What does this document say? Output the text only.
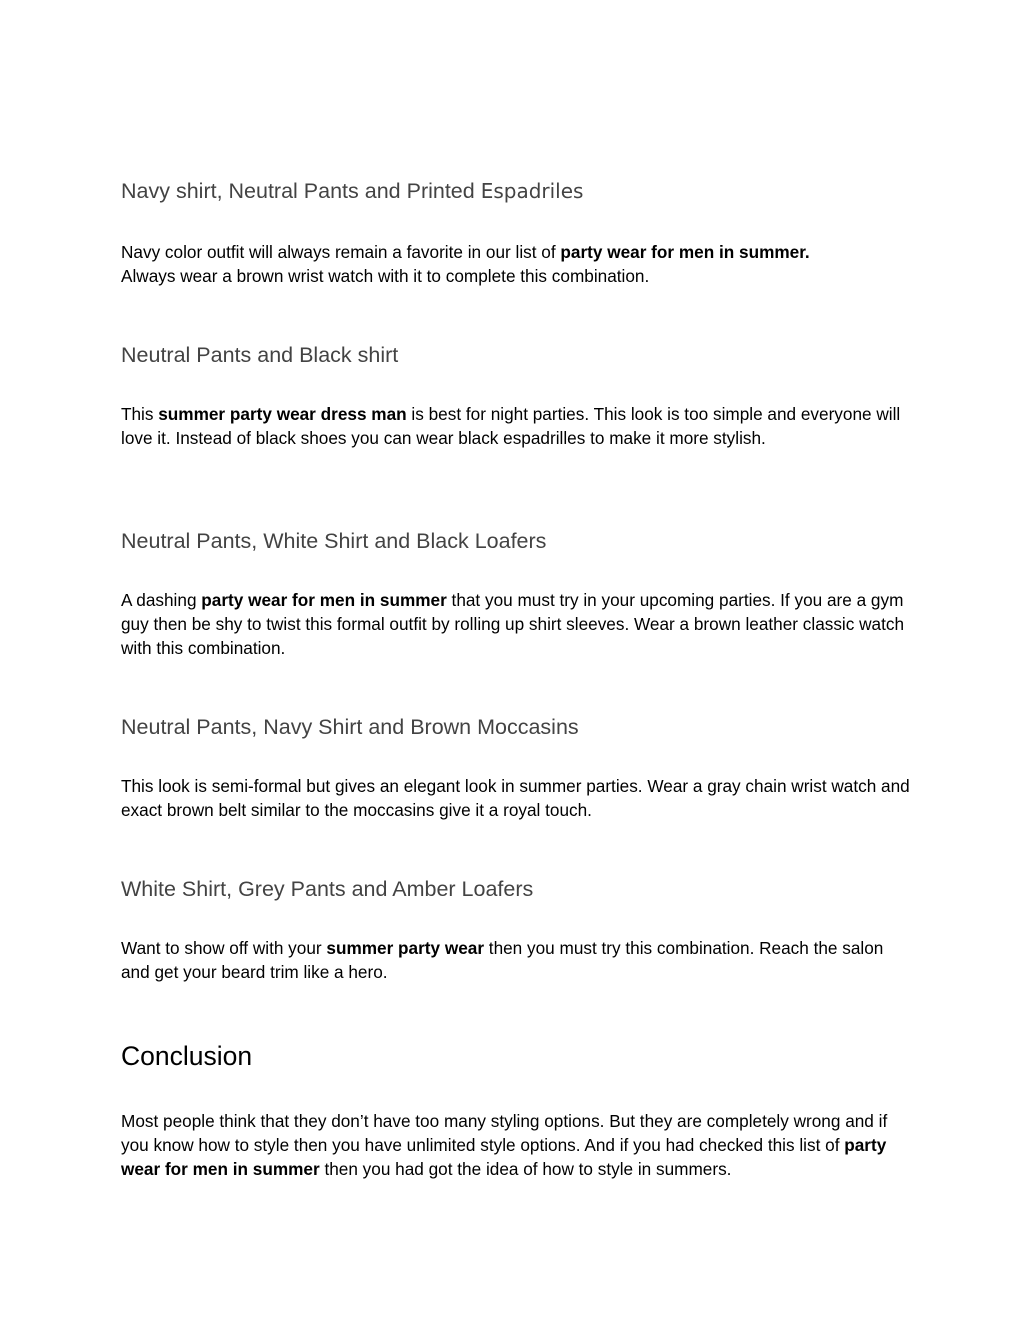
Navy shirt, Neutral Pants and Printed Espadriles

Navy color outfit will always remain a favorite in our list of party wear for men in summer.
Always wear a brown wrist watch with it to complete this combination.

Neutral Pants and Black shirt

This summer party wear dress man is best for night parties. This look is too simple and everyone will love it. Instead of black shoes you can wear black espadrilles to make it more stylish.

Neutral Pants, White Shirt and Black Loafers

A dashing party wear for men in summer that you must try in your upcoming parties. If you are a gym guy then be shy to twist this formal outfit by rolling up shirt sleeves. Wear a brown leather classic watch with this combination.

Neutral Pants, Navy Shirt and Brown Moccasins

This look is semi-formal but gives an elegant look in summer parties. Wear a gray chain wrist watch and exact brown belt similar to the moccasins give it a royal touch.

White Shirt, Grey Pants and Amber Loafers

Want to show off with your summer party wear then you must try this combination. Reach the salon and get your beard trim like a hero.

Conclusion

Most people think that they don’t have too many styling options. But they are completely wrong and if you know how to style then you have unlimited style options. And if you had checked this list of party wear for men in summer then you had got the idea of how to style in summers.
